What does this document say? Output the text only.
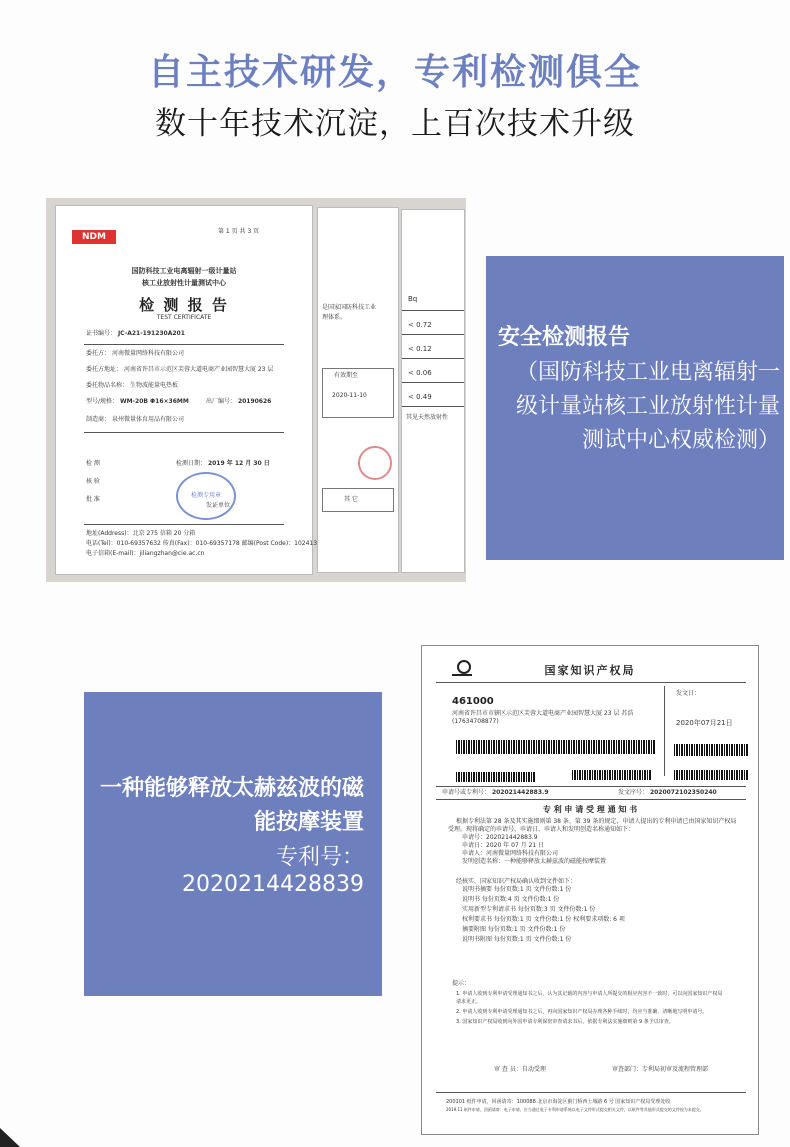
自主技术研发，专利检测俱全
数十年技术沉淀，上百次技术升级
Bq
< 0.72
< 0.12
< 0.06
< 0.49
其见天然放射性
是国家国防科技工业
理体系。
有效期至
2020-11-10
其 它
NDM
第 1 页 共 3 页
国防科技工业电离辐射一级计量站
核工业放射性计量测试中心
检 测 报 告
TEST CERTIFICATE
证书编号： JC-A21-191230A201
委托方： 河南微量网络科技有限公司
委托方地址： 河南省许昌市示范区芙蓉大道电商产业园智慧大厦 23 层
委托物品名称： 生物波能量电热板
型号/规格： WM-20B Φ16×36MM	出厂编号： 20190626
制造商： 泉州微量体育用品有限公司
检 测	检测日期： 2019 年 12 月 30 日
核 验
批 准
发证单位
检测专用章
地址(Address)：北京 275 信箱 20 分箱
电话(Tel)：010-69357632 传真(Fax)：010-69357178 邮编(Post Code)：102413
电子信箱(E-mail)：jiliangzhan@cie.ac.cn
安全检测报告
（国防科技工业电离辐射一级计量站核工业放射性计量测试中心权威检测）
国家知识产权局
461000
河南省许昌市市辖区示范区芙蓉大道电商产业园智慧大厦 23 层 苏浩(17634708877)
发文日：
2020年07月21日
申请号或专利号： 202021442883.9	发文序号： 2020072102350240
专 利 申 请 受 理 通 知 书
根据专利法第 28 条及其实施细则第 38 条、第 39 条的规定，申请人提出的专利申请已由国家知识产权局
受理。现将确定的申请号、申请日、申请人和发明创造名称通知如下：
申请号：202021442883.9
申请日：2020 年 07 月 21 日
申请人：河南微量网络科技有限公司
发明创造名称：一种能够释放太赫兹波的磁能按摩装置
经核实，国家知识产权局确认收到文件如下：
说明书摘要 每份页数:1 页 文件份数:1 份
说明书 每份页数:4 页 文件份数:1 份
实用新型专利请求书 每份页数:3 页 文件份数:1 份
权利要求书 每份页数:1 页 文件份数:1 份 权利要求项数: 6 项
摘要附图 每份页数:1 页 文件份数:1 份
说明书附图 每份页数:1 页 文件份数:1 份
提示：
1. 申请人收到专利申请受理通知书之后，认为其记载的内容与申请人所提交的相应内容不一致时，可以向国家知识产权局
请求更正。
2. 申请人收到专利申请受理通知书之后，再向国家知识产权局办理各种手续时，均应当准确、清晰地写明申请号。
3. 国家知识产权局收到向外国申请专利保密审查请求书后，依据专利法实施细则第 9 条予以审查。
审 查 员：自动受理	审查部门：专利局初审及流程管理部
200101 纸件申请，回函请寄：100088 北京市海淀区蓟门桥西土城路 6 号 国家知识产权局受理处收
2019.11 纸件申请，回函请寄：电子申请，应当通过电子专利申请系统以电子文件形式提交相关文件，以纸件等其他形式提交的文件视为未提交。
一种能够释放太赫兹波的磁能按摩装置
专利号：
2020214428839
